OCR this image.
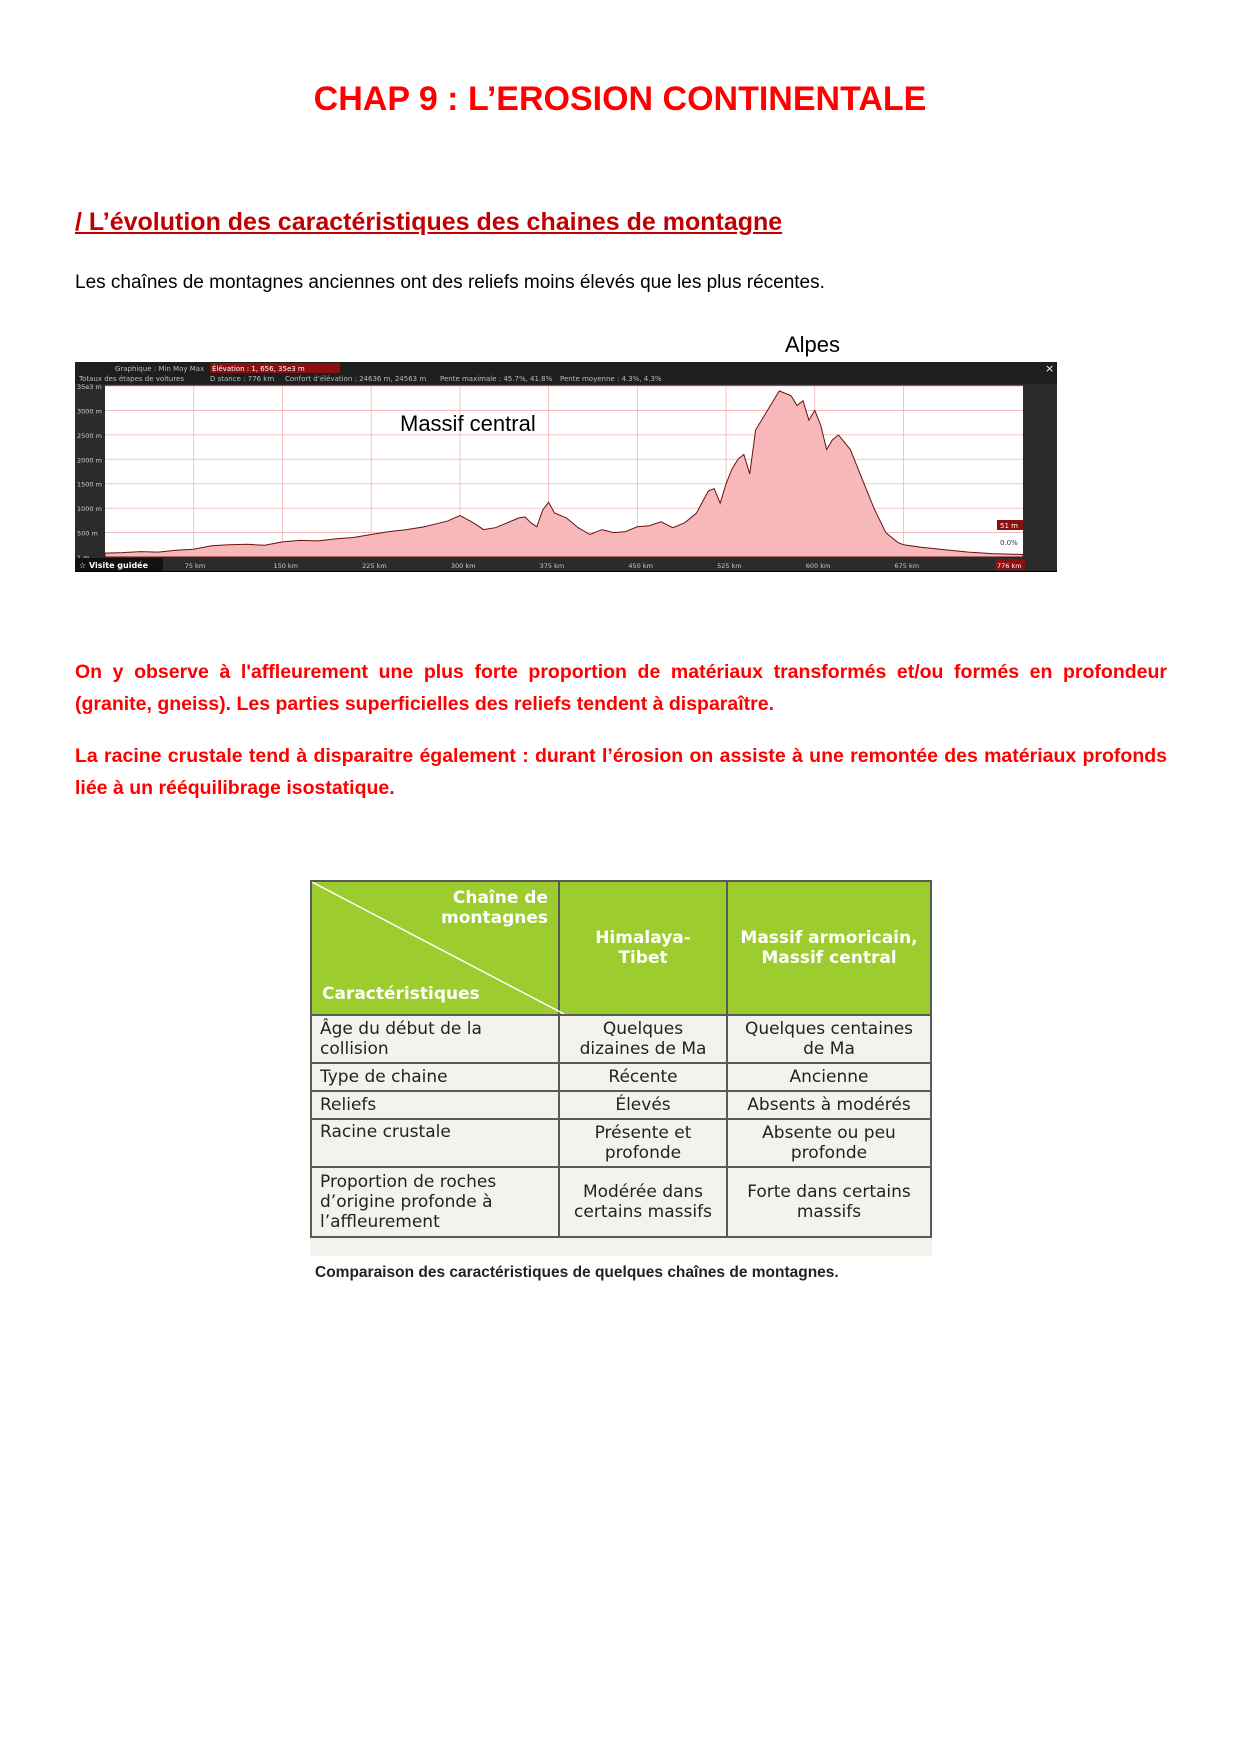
CHAP 9 : L’EROSION CONTINENTALE
/ L’évolution des caractéristiques des chaines de montagne
Les chaînes de montagnes anciennes ont des reliefs moins élevés que les plus récentes.
Alpes
Graphique : Min Moy Max Élévation : 1, 656, 35e3 m
Totaux des étapes de voitures	D stance : 776 km Confort d’élévation : 24636 m, 24563 m Pente maximale : 45.7%, 41.8% Pente moyenne : 4.3%, 4.3%
×
35e3 m
3000 m
2500 m
2000 m
1500 m
1000 m
500 m
75 km	150 km	225 km	300 km	375 km	450 km	525 km	600 km	675 km
51 m
0.0%
776 km
☆ Visite guidée
Massif central
On y observe à l'affleurement une plus forte proportion de matériaux transformés et/ou formés en profondeur (granite, gneiss). Les parties superficielles des reliefs tendent à disparaître.
La racine crustale tend à disparaitre également : durant l’érosion on assiste à une remontée des matériaux profonds liée à un rééquilibrage isostatique.
Chaîne de montagnes
Caractéristiques	Himalaya- Tibet	Massif armoricain, Massif central
Âge du début de la collision	Quelques dizaines de Ma	Quelques centaines de Ma
Type de chaine	Récente	Ancienne
Reliefs	Élevés	Absents à modérés
Racine crustale	Présente et profonde	Absente ou peu profonde
Proportion de roches d’origine profonde à l’affleurement	Modérée dans certains massifs	Forte dans certains massifs
Comparaison des caractéristiques de quelques chaînes de montagnes.
